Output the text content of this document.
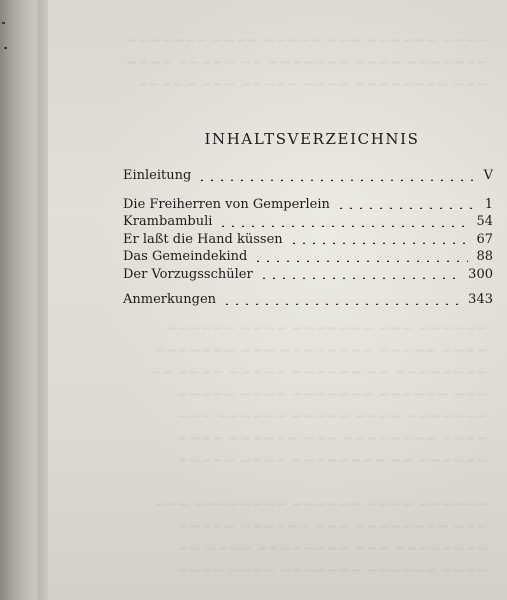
~~~~ ~~~~~~ ~~~ ~~~~~ ~~~~ ~~~~~~~
~~~~~~~ ~~~~ ~~~~~~~ ~~ ~~~~~ ~~~~
~~~ ~~~~~~~~ ~~~~ ~~~~~ ~~~ ~~~~~
~~~~~~ ~~~ ~~~~~~~ ~~~~ ~~~~~~
~~~~ ~~~~~ ~~~~~~~~ ~~~ ~~~~~~~
~~~~~~~~ ~~ ~~~~~~ ~~~~~ ~~~~ ~~
~~~ ~~~~~~ ~~~~~~~ ~~~~ ~~~~~
~~~~~~~ ~~~~ ~~~~~ ~~~~~~ ~~~
~~~~ ~~~~~~~~ ~~~ ~~~~~~ ~~~~
~~~~~~ ~~ ~~~~~~~~ ~~~~ ~~~~~

~~~~~~ ~~~~ ~~~~~~ ~~~~~~~~ ~~~
~~~ ~~~~~~~~ ~~~ ~~~~~~ ~~~~~
~~~~~~~~ ~~~ ~~~~~~~~ ~~~~ ~~
~~~~ ~~~~~~ ~~~~~~~ ~~~~ ~~~~
INHALTSVERZEICHNIS
Einleitung	V
Die Freiherren von Gemperlein	1
Krambambuli	54
Er laßt die Hand küssen	67
Das Gemeindekind	88
Der Vorzugsschüler	300
Anmerkungen	343
